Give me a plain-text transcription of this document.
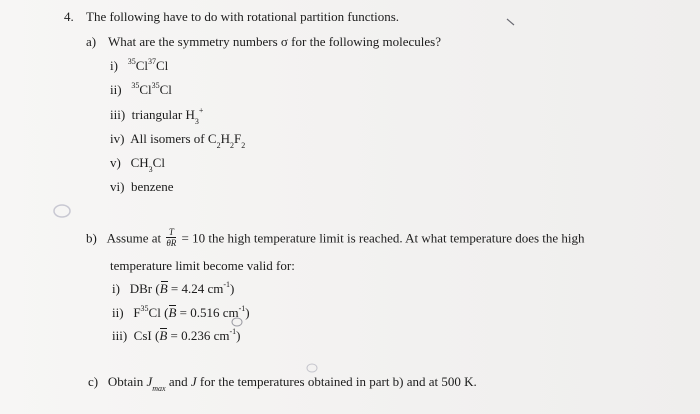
4. The following have to do with rotational partition functions.
a) What are the symmetry numbers σ for the following molecules?
i) $^{35}$Cl$^{37}$Cl
ii) $^{35}$Cl$^{35}$Cl
iii) triangular $H_3^+$
iv) All isomers of $C_2H_2F_2$
v) $CH_3Cl$
vi) benzene
b) Assume at $\frac{T}{\theta R} = 10$ the high temperature limit is reached. At what temperature does the high
temperature limit become valid for:
i) DBr (B = 4.24 $cm^{-1}$)
ii) $F^{35}Cl$ (B = 0.516 $cm^{-1}$)
iii) CsI (B = 0.236 $cm^{-1}$)
c) Obtain $J_{max}$ and J for the temperatures obtained in part b) and at 500 K.
